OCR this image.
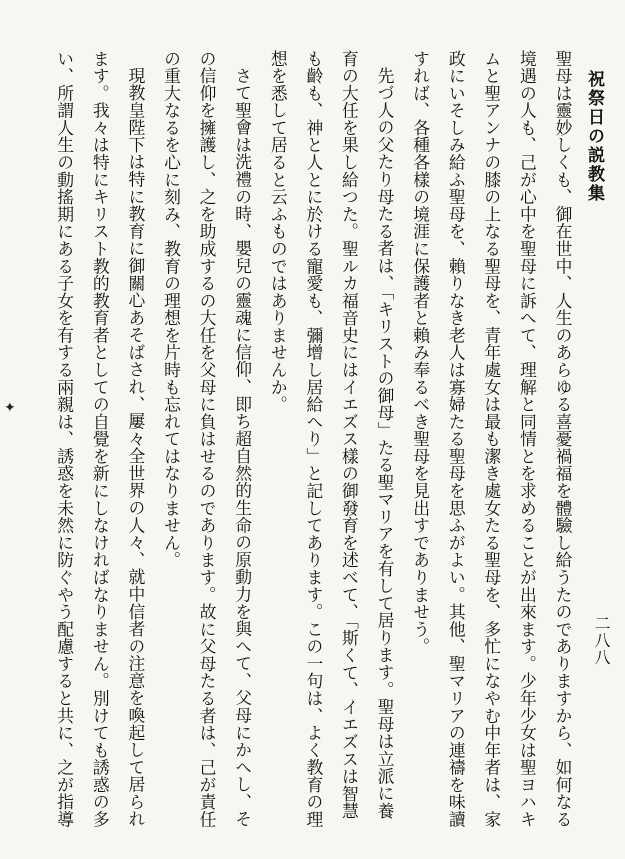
祝祭日の説教集
二八八
✦	聖母は靈妙しくも、御在世中、人生のあらゆる喜憂禍福を體驗し給うたのでありますから、如何なる境遇の人も、己が心中を聖母に訴へて、理解と同情とを求めることが出來ます。少年少女は聖ヨハキムと聖アンナの膝の上なる聖母を、青年處女は最も潔き處女たる聖母を、多忙になやむ中年者は、家政にいそしみ給ふ聖母を、賴りなき老人は寡婦たる聖母を思ふがよい。其他、聖マリアの連禱を味讀すれば、各種各樣の境涯に保護者と賴み奉るべき聖母を見出すでありませう。

先づ人の父たり母たる者は、「キリストの御母」たる聖マリアを有して居ります。聖母は立派に養育の大任を果し給つた。聖ルカ福音史にはイエズス樣の御發育を述べて、「斯くて、イエズスは智慧も齡も、神と人とに於ける寵愛も、彌增し居給へり」と記してあります。この一句は、よく教育の理想を悉して居ると云ふものではありませんか。

さて聖會は洗禮の時、嬰兒の靈魂に信仰、即ち超自然的生命の原動力を與へて、父母にかへし、その信仰を擁護し、之を助成するの大任を父母に負はせるのであります。故に父母たる者は、己が責任の重大なるを心に刻み、教育の理想を片時も忘れてはなりません。

現教皇陛下は特に教育に御關心あそばされ、屢々全世界の人々、就中信者の注意を喚起して居られます。我々は特にキリスト教的教育者としての自覺を新にしなければなりません。別けても誘惑の多い、所謂人生の動搖期にある子女を有する兩親は、誘惑を未然に防ぐやう配慮すると共に、之が指導
